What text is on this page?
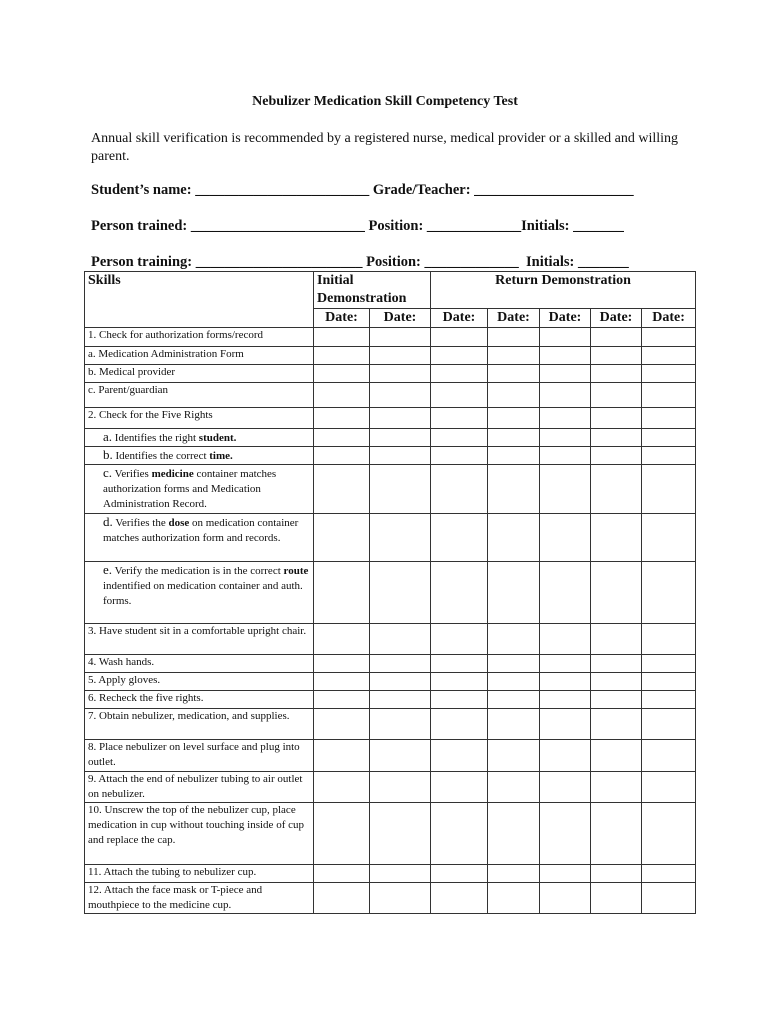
Nebulizer Medication Skill Competency Test
Annual skill verification is recommended by a registered nurse, medical provider or a skilled and willing parent.
Student’s name: ________________________ Grade/Teacher: ______________________
Person trained: ________________________ Position: _____________Initials: _______
Person training: _______________________ Position: _____________  Initials: _______
Skills	Initial Demonstration		Return Demonstration				
	Date:	Date:	Date:	Date:	Date:	Date:	Date:
1. Check for authorization forms/record							
a. Medication Administration Form							
b. Medical provider							
c. Parent/guardian							
2. Check for the Five Rights							
a. Identifies the right student.							
b. Identifies the correct time.							
c. Verifies medicine container matches authorization forms and Medication Administration Record.							
d. Verifies the dose on medication container matches authorization form and records.							
e. Verify the medication is in the correct route indentified on medication container and auth. forms.							
3. Have student sit in a comfortable upright chair.							
4. Wash hands.							
5. Apply gloves.							
6. Recheck the five rights.							
7. Obtain nebulizer, medication, and supplies.							
8. Place nebulizer on level surface and plug into outlet.							
9. Attach the end of nebulizer tubing to air outlet on nebulizer.							
10. Unscrew the top of the nebulizer cup, place medication in cup without touching inside of cup and replace the cap.							
11. Attach the tubing to nebulizer cup.							
12. Attach the face mask or T-piece and mouthpiece to the medicine cup.							
